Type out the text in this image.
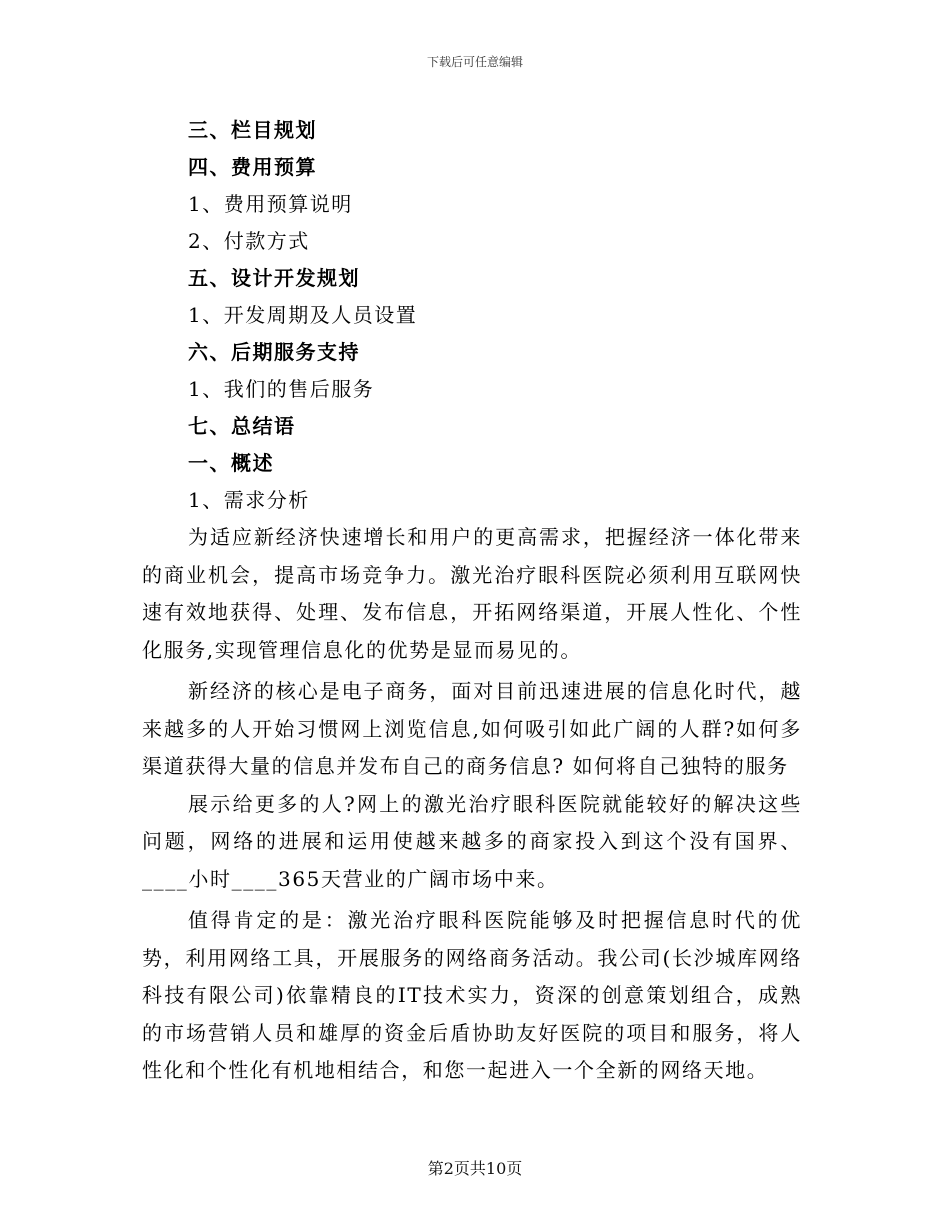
下载后可任意编辑
三、栏目规划
四、费用预算
1、费用预算说明
2、付款方式
五、设计开发规划
1、开发周期及人员设置
六、后期服务支持
1、我们的售后服务
七、总结语
一、概述
1、需求分析

为适应新经济快速增长和用户的更高需求，把握经济一体化带来的商业机会，提高市场竞争力。激光治疗眼科医院必须利用互联网快速有效地获得、处理、发布信息，开拓网络渠道，开展人性化、个性化服务,实现管理信息化的优势是显而易见的。

新经济的核心是电子商务，面对目前迅速进展的信息化时代，越来越多的人开始习惯网上浏览信息,如何吸引如此广阔的人群?如何多渠道获得大量的信息并发布自己的商务信息? 如何将自己独特的服务

展示给更多的人?网上的激光治疗眼科医院就能较好的解决这些问题，网络的进展和运用使越来越多的商家投入到这个没有国界、____小时____365天营业的广阔市场中来。

值得肯定的是：激光治疗眼科医院能够及时把握信息时代的优势，利用网络工具，开展服务的网络商务活动。我公司(长沙城库网络科技有限公司)依靠精良的IT技术实力，资深的创意策划组合，成熟的市场营销人员和雄厚的资金后盾协助友好医院的项目和服务，将人性化和个性化有机地相结合，和您一起进入一个全新的网络天地。

第2页共10页
